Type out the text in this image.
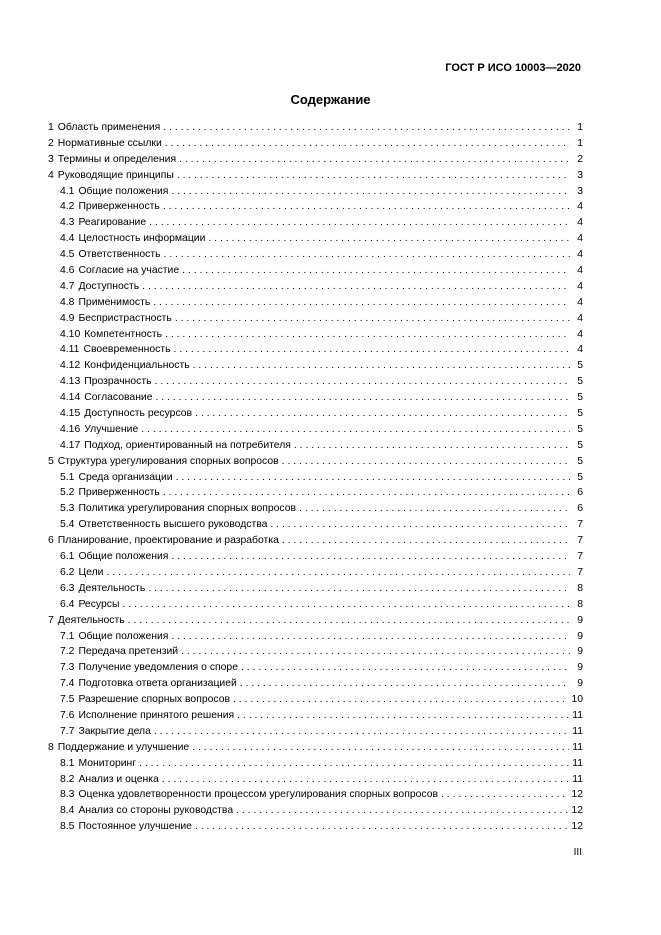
ГОСТ Р ИСО 10003—2020
Содержание
1 Область применения . . .	1
2 Нормативные ссылки . . .	1
3 Термины и определения . . .	2
4 Руководящие принципы . . .	3
4.1 Общие положения . . .	3
4.2 Приверженность . . .	4
4.3 Реагирование . . .	4
4.4 Целостность информации . . .	4
4.5 Ответственность . . .	4
4.6 Согласие на участие . . .	4
4.7 Доступность . . .	4
4.8 Применимость . . .	4
4.9 Беспристрастность . . .	4
4.10 Компетентность . . .	4
4.11 Своевременность . . .	4
4.12 Конфиденциальность . . .	5
4.13 Прозрачность . . .	5
4.14 Согласование . . .	5
4.15 Доступность ресурсов . . .	5
4.16 Улучшение . . .	5
4.17 Подход, ориентированный на потребителя . . .	5
5 Структура урегулирования спорных вопросов . . .	5
5.1 Среда организации . . .	5
5.2 Приверженность . . .	6
5.3 Политика урегулирования спорных вопросов . . .	6
5.4 Ответственность высшего руководства . . .	7
6 Планирование, проектирование и разработка . . .	7
6.1 Общие положения . . .	7
6.2 Цели . . .	7
6.3 Деятельность . . .	8
6.4 Ресурсы . . .	8
7 Деятельность . . .	9
7.1 Общие положения . . .	9
7.2 Передача претензий . . .	9
7.3 Получение уведомления о споре . . .	9
7.4 Подготовка ответа организацией . . .	9
7.5 Разрешение спорных вопросов . . .	10
7.6 Исполнение принятого решения . . .	11
7.7 Закрытие дела . . .	11
8 Поддержание и улучшение . . .	11
8.1 Мониторинг . . .	11
8.2 Анализ и оценка . . .	11
8.3 Оценка удовлетворенности процессом урегулирования спорных вопросов . . .	12
8.4 Анализ со стороны руководства . . .	12
8.5 Постоянное улучшение . . .	12
III
